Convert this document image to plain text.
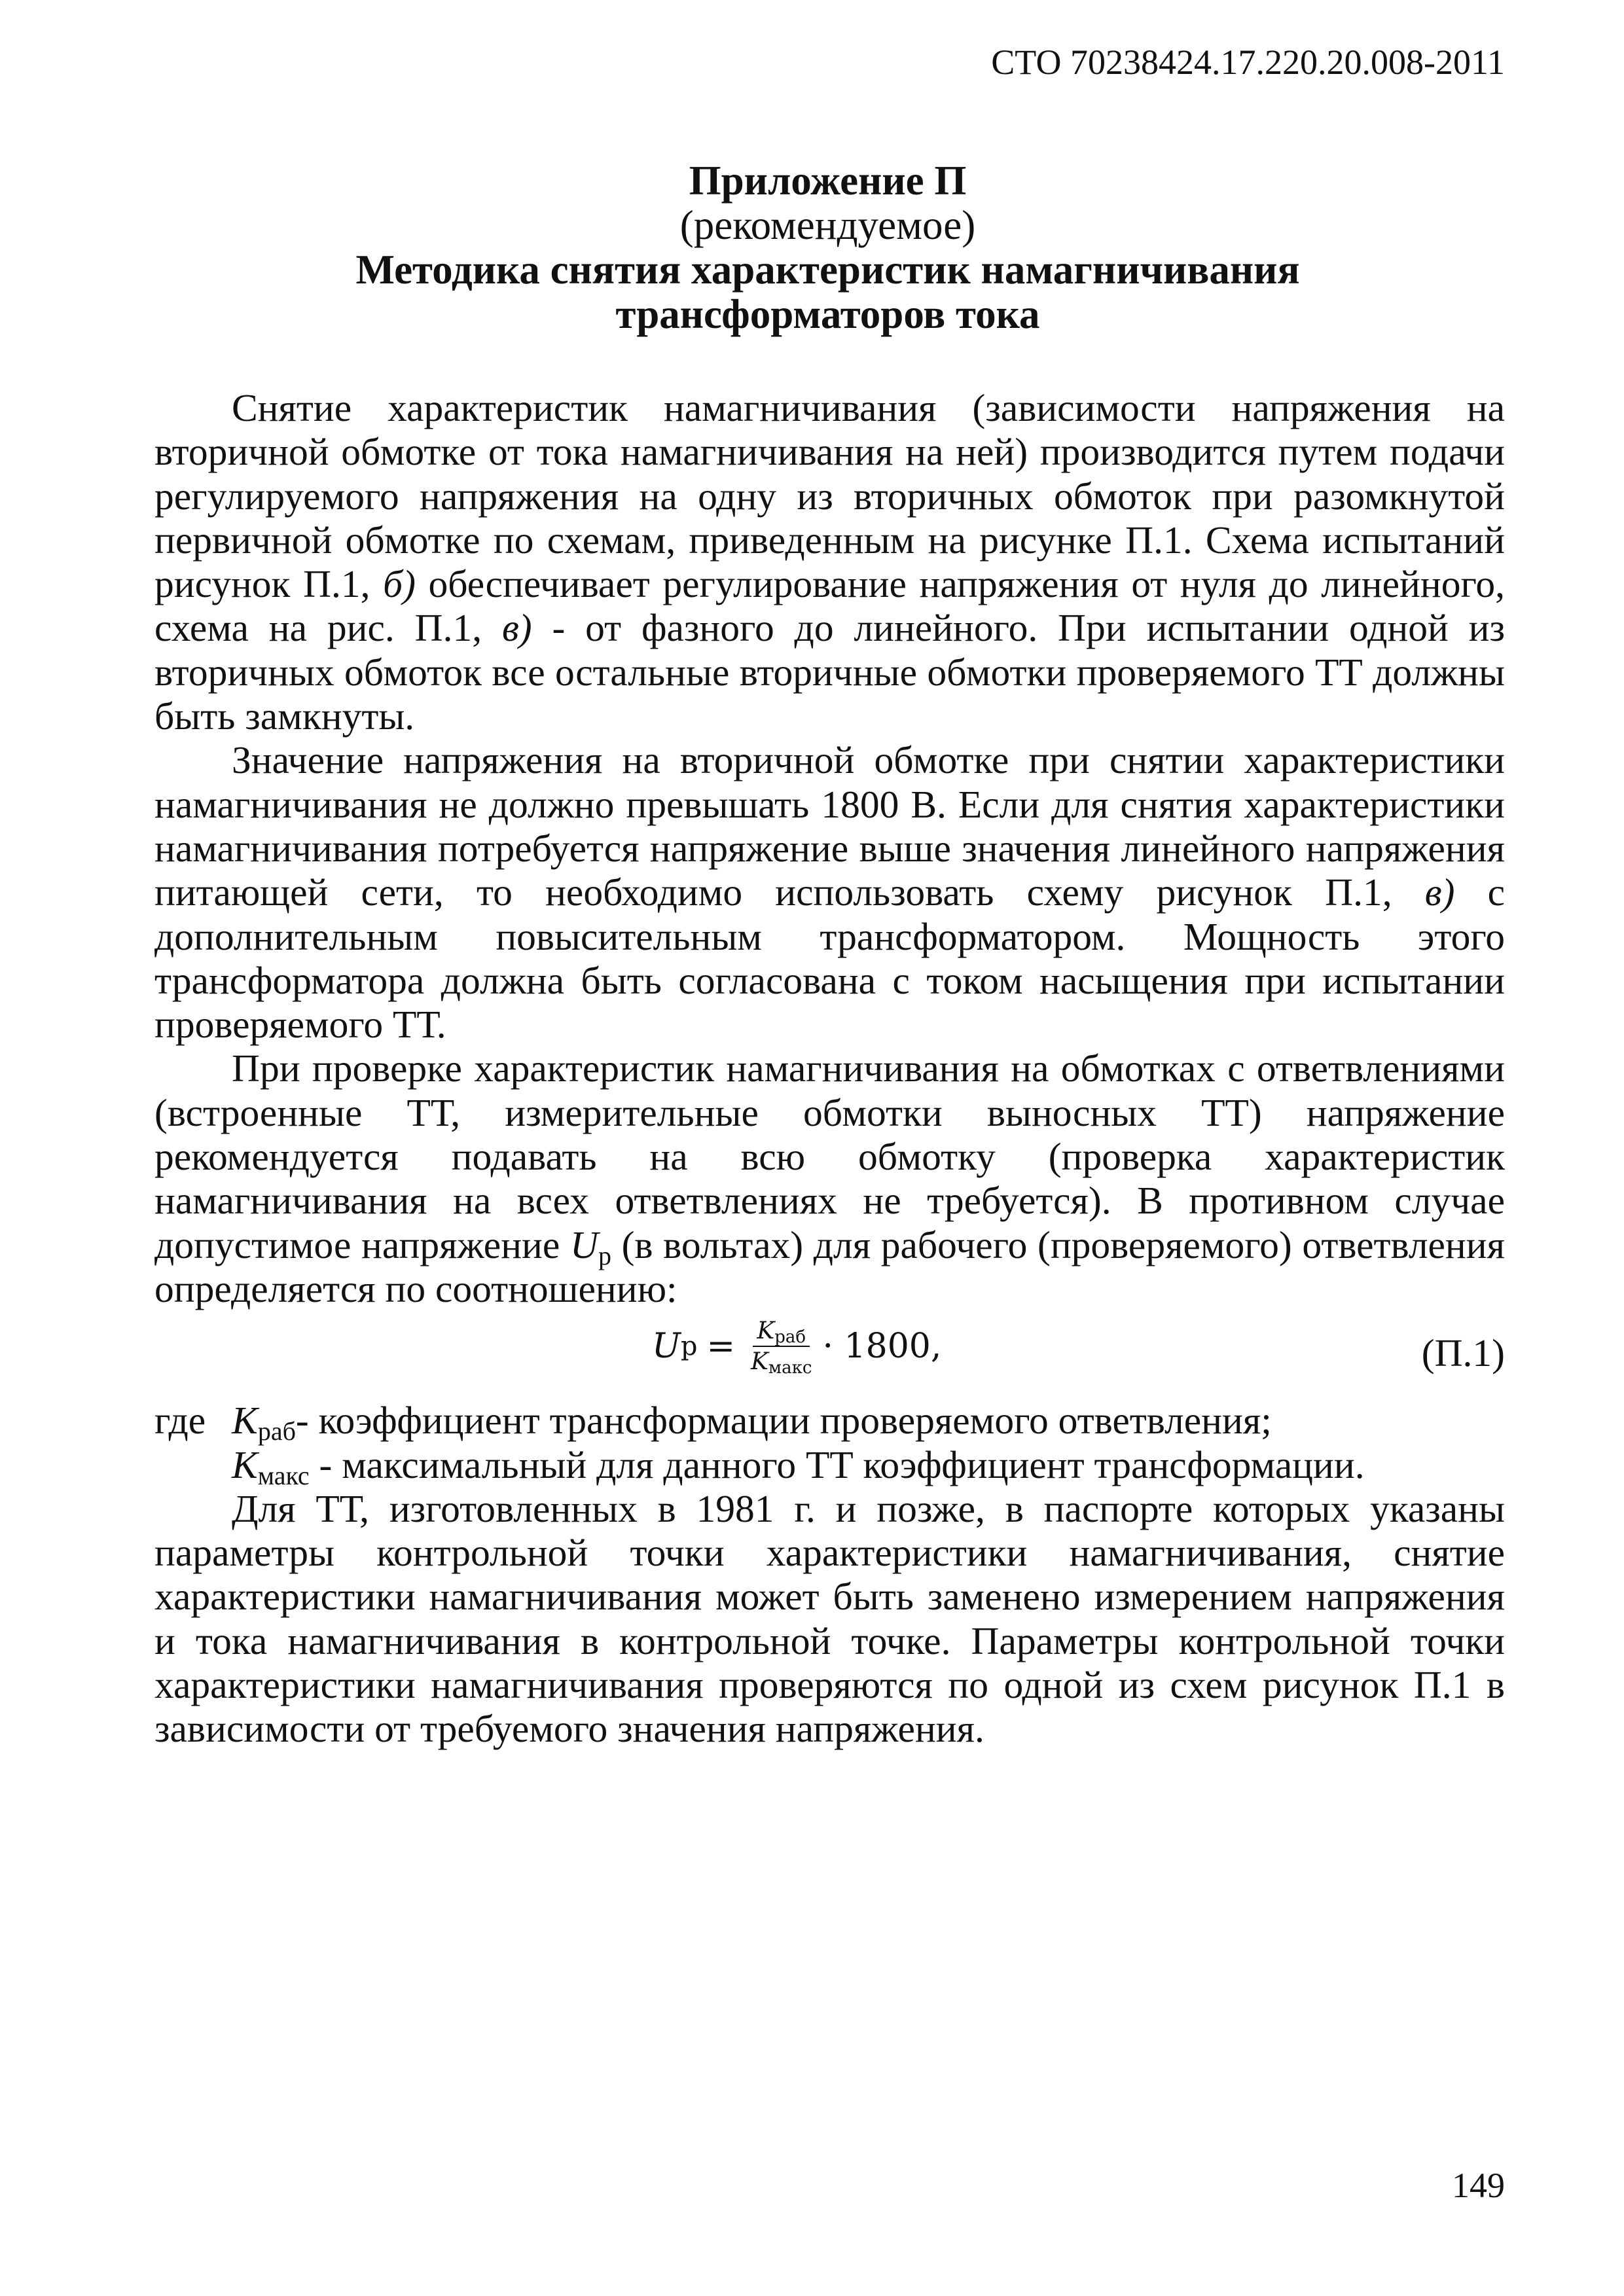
СТО 70238424.17.220.20.008-2011
Приложение П
(рекомендуемое)
Методика снятия характеристик намагничивания
трансформаторов тока

Снятие характеристик намагничивания (зависимости напряжения на вторичной обмотке от тока намагничивания на ней) производится путем подачи регулируемого напряжения на одну из вторичных обмоток при разомкнутой первичной обмотке по схемам, приведенным на рисунке П.1. Схема испытаний рисунок П.1, б) обеспечивает регулирование напряжения от нуля до линейного, схема на рис. П.1, в) - от фазного до линейного. При испытании одной из вторичных обмоток все остальные вторичные обмотки проверяемого ТТ должны быть замкнуты.

Значение напряжения на вторичной обмотке при снятии характеристики намагничивания не должно превышать 1800 В. Если для снятия характеристики намагничивания потребуется напряжение выше значения линейного напряжения питающей сети, то необходимо использовать схему рисунок П.1, в) с дополнительным повысительным трансформатором. Мощность этого трансформатора должна быть согласована с током насыщения при испытании проверяемого ТТ.

При проверке характеристик намагничивания на обмотках с ответвлениями (встроенные ТТ, измерительные обмотки выносных ТТ) напряжение рекомендуется подавать на всю обмотку (проверка характеристик намагничивания на всех ответвлениях не требуется). В противном случае допустимое напряжение $U_р$ (в вольтах) для рабочего (проверяемого) ответвления определяется по соотношению:

U $р = \frac{K_{раб}}{K_{макс}} \cdot 1800$,	(П.1)

где $K_{раб}-$ коэффициент трансформации проверяемого ответвления;

$K_{макс}$ - максимальный для данного ТТ коэффициент трансформации.

Для ТТ, изготовленных в 1981 г. и позже, в паспорте которых указаны параметры контрольной точки характеристики намагничивания, снятие характеристики намагничивания может быть заменено измерением напряжения и тока намагничивания в контрольной точке. Параметры контрольной точки характеристики намагничивания проверяются по одной из схем рисунок П.1 в зависимости от требуемого значения напряжения.

149
